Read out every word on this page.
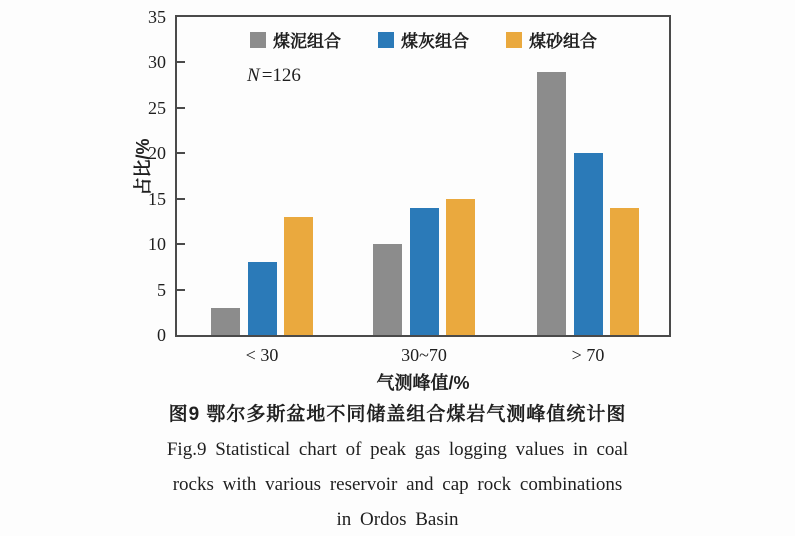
煤泥组合	煤灰组合	煤砂组合
N =126
占比/%
气测峰值/%
图9 鄂尔多斯盆地不同储盖组合煤岩气测峰值统计图
Fig.9 Statistical chart of peak gas logging values in coal
rocks with various reservoir and cap rock combinations
in Ordos Basin
0
5
10
15
20
25
30
35
< 30	30~70	> 70
